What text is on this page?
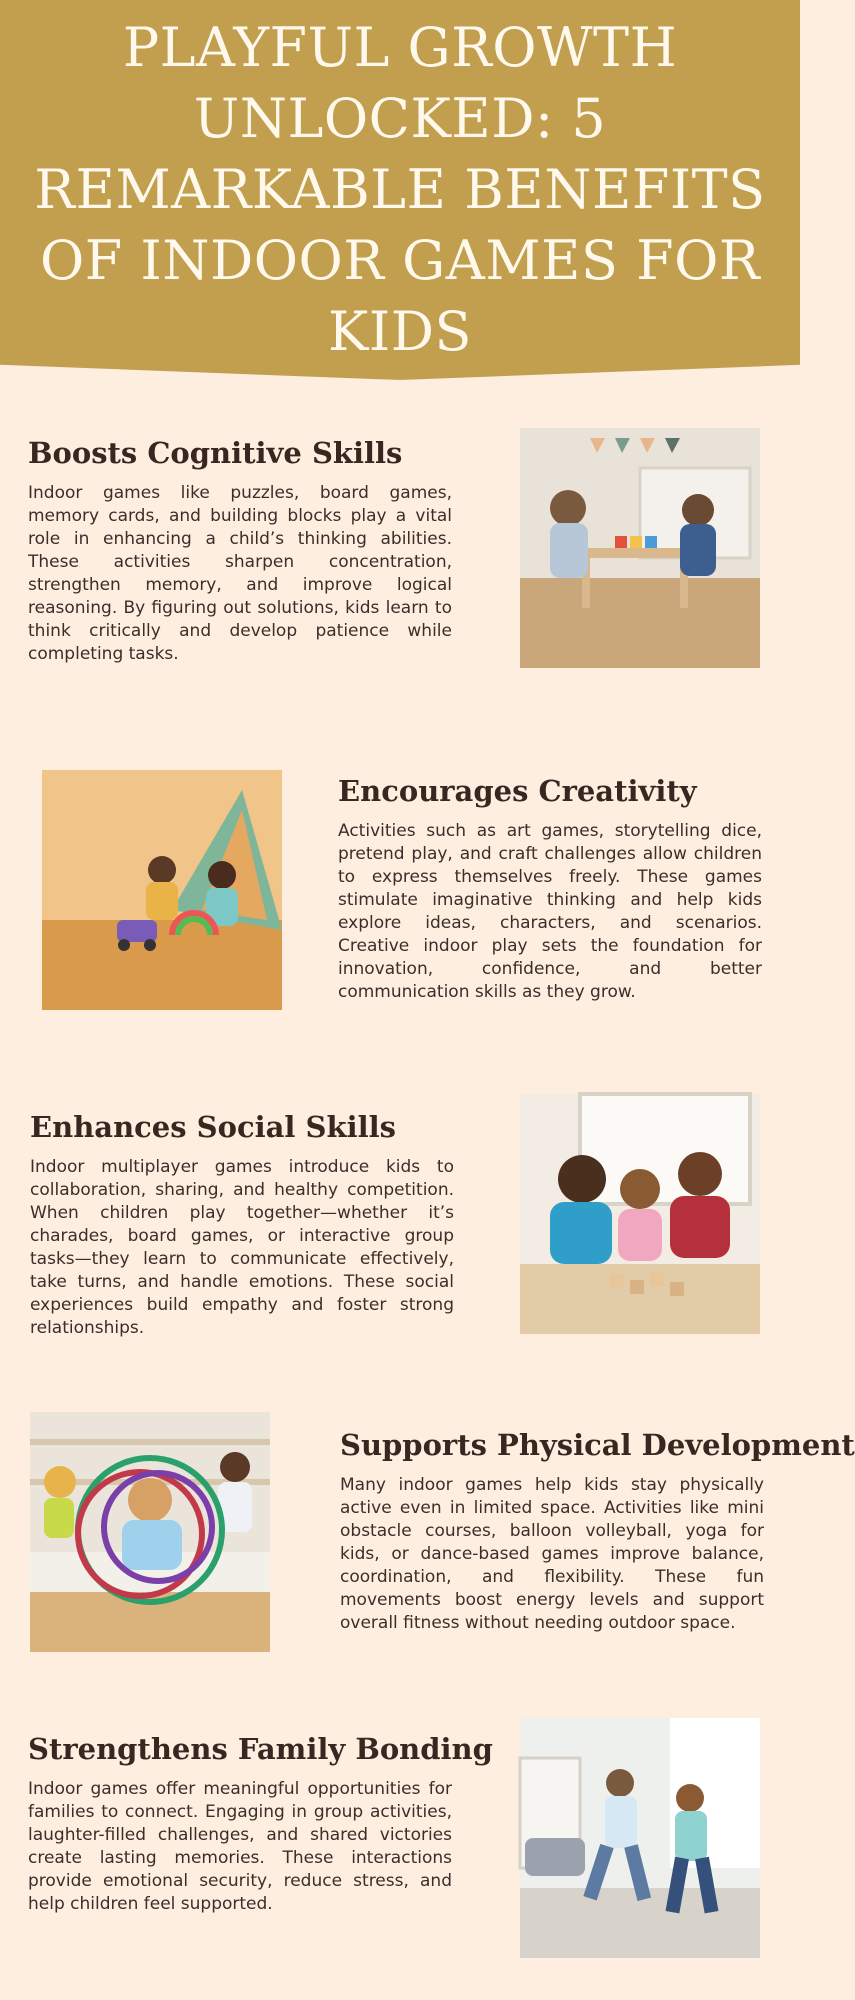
PLAYFUL GROWTH UNLOCKED: 5 REMARKABLE BENEFITS OF INDOOR GAMES FOR KIDS
Boosts Cognitive Skills

Indoor games like puzzles, board games, memory cards, and building blocks play a vital role in enhancing a child’s thinking abilities. These activities sharpen concentration, strengthen memory, and improve logical reasoning. By figuring out solutions, kids learn to think critically and develop patience while completing tasks.

Encourages Creativity

Activities such as art games, storytelling dice, pretend play, and craft challenges allow children to express themselves freely. These games stimulate imaginative thinking and help kids explore ideas, characters, and scenarios. Creative indoor play sets the foundation for innovation, confidence, and better communication skills as they grow.

Enhances Social Skills

Indoor multiplayer games introduce kids to collaboration, sharing, and healthy competition. When children play together—whether it’s charades, board games, or interactive group tasks—they learn to communicate effectively, take turns, and handle emotions. These social experiences build empathy and foster strong relationships.

Supports Physical Development

Many indoor games help kids stay physically active even in limited space. Activities like mini obstacle courses, balloon volleyball, yoga for kids, or dance-based games improve balance, coordination, and flexibility. These fun movements boost energy levels and support overall fitness without needing outdoor space.

Strengthens Family Bonding

Indoor games offer meaningful opportunities for families to connect. Engaging in group activities, laughter-filled challenges, and shared victories create lasting memories. These interactions provide emotional security, reduce stress, and help children feel supported.
